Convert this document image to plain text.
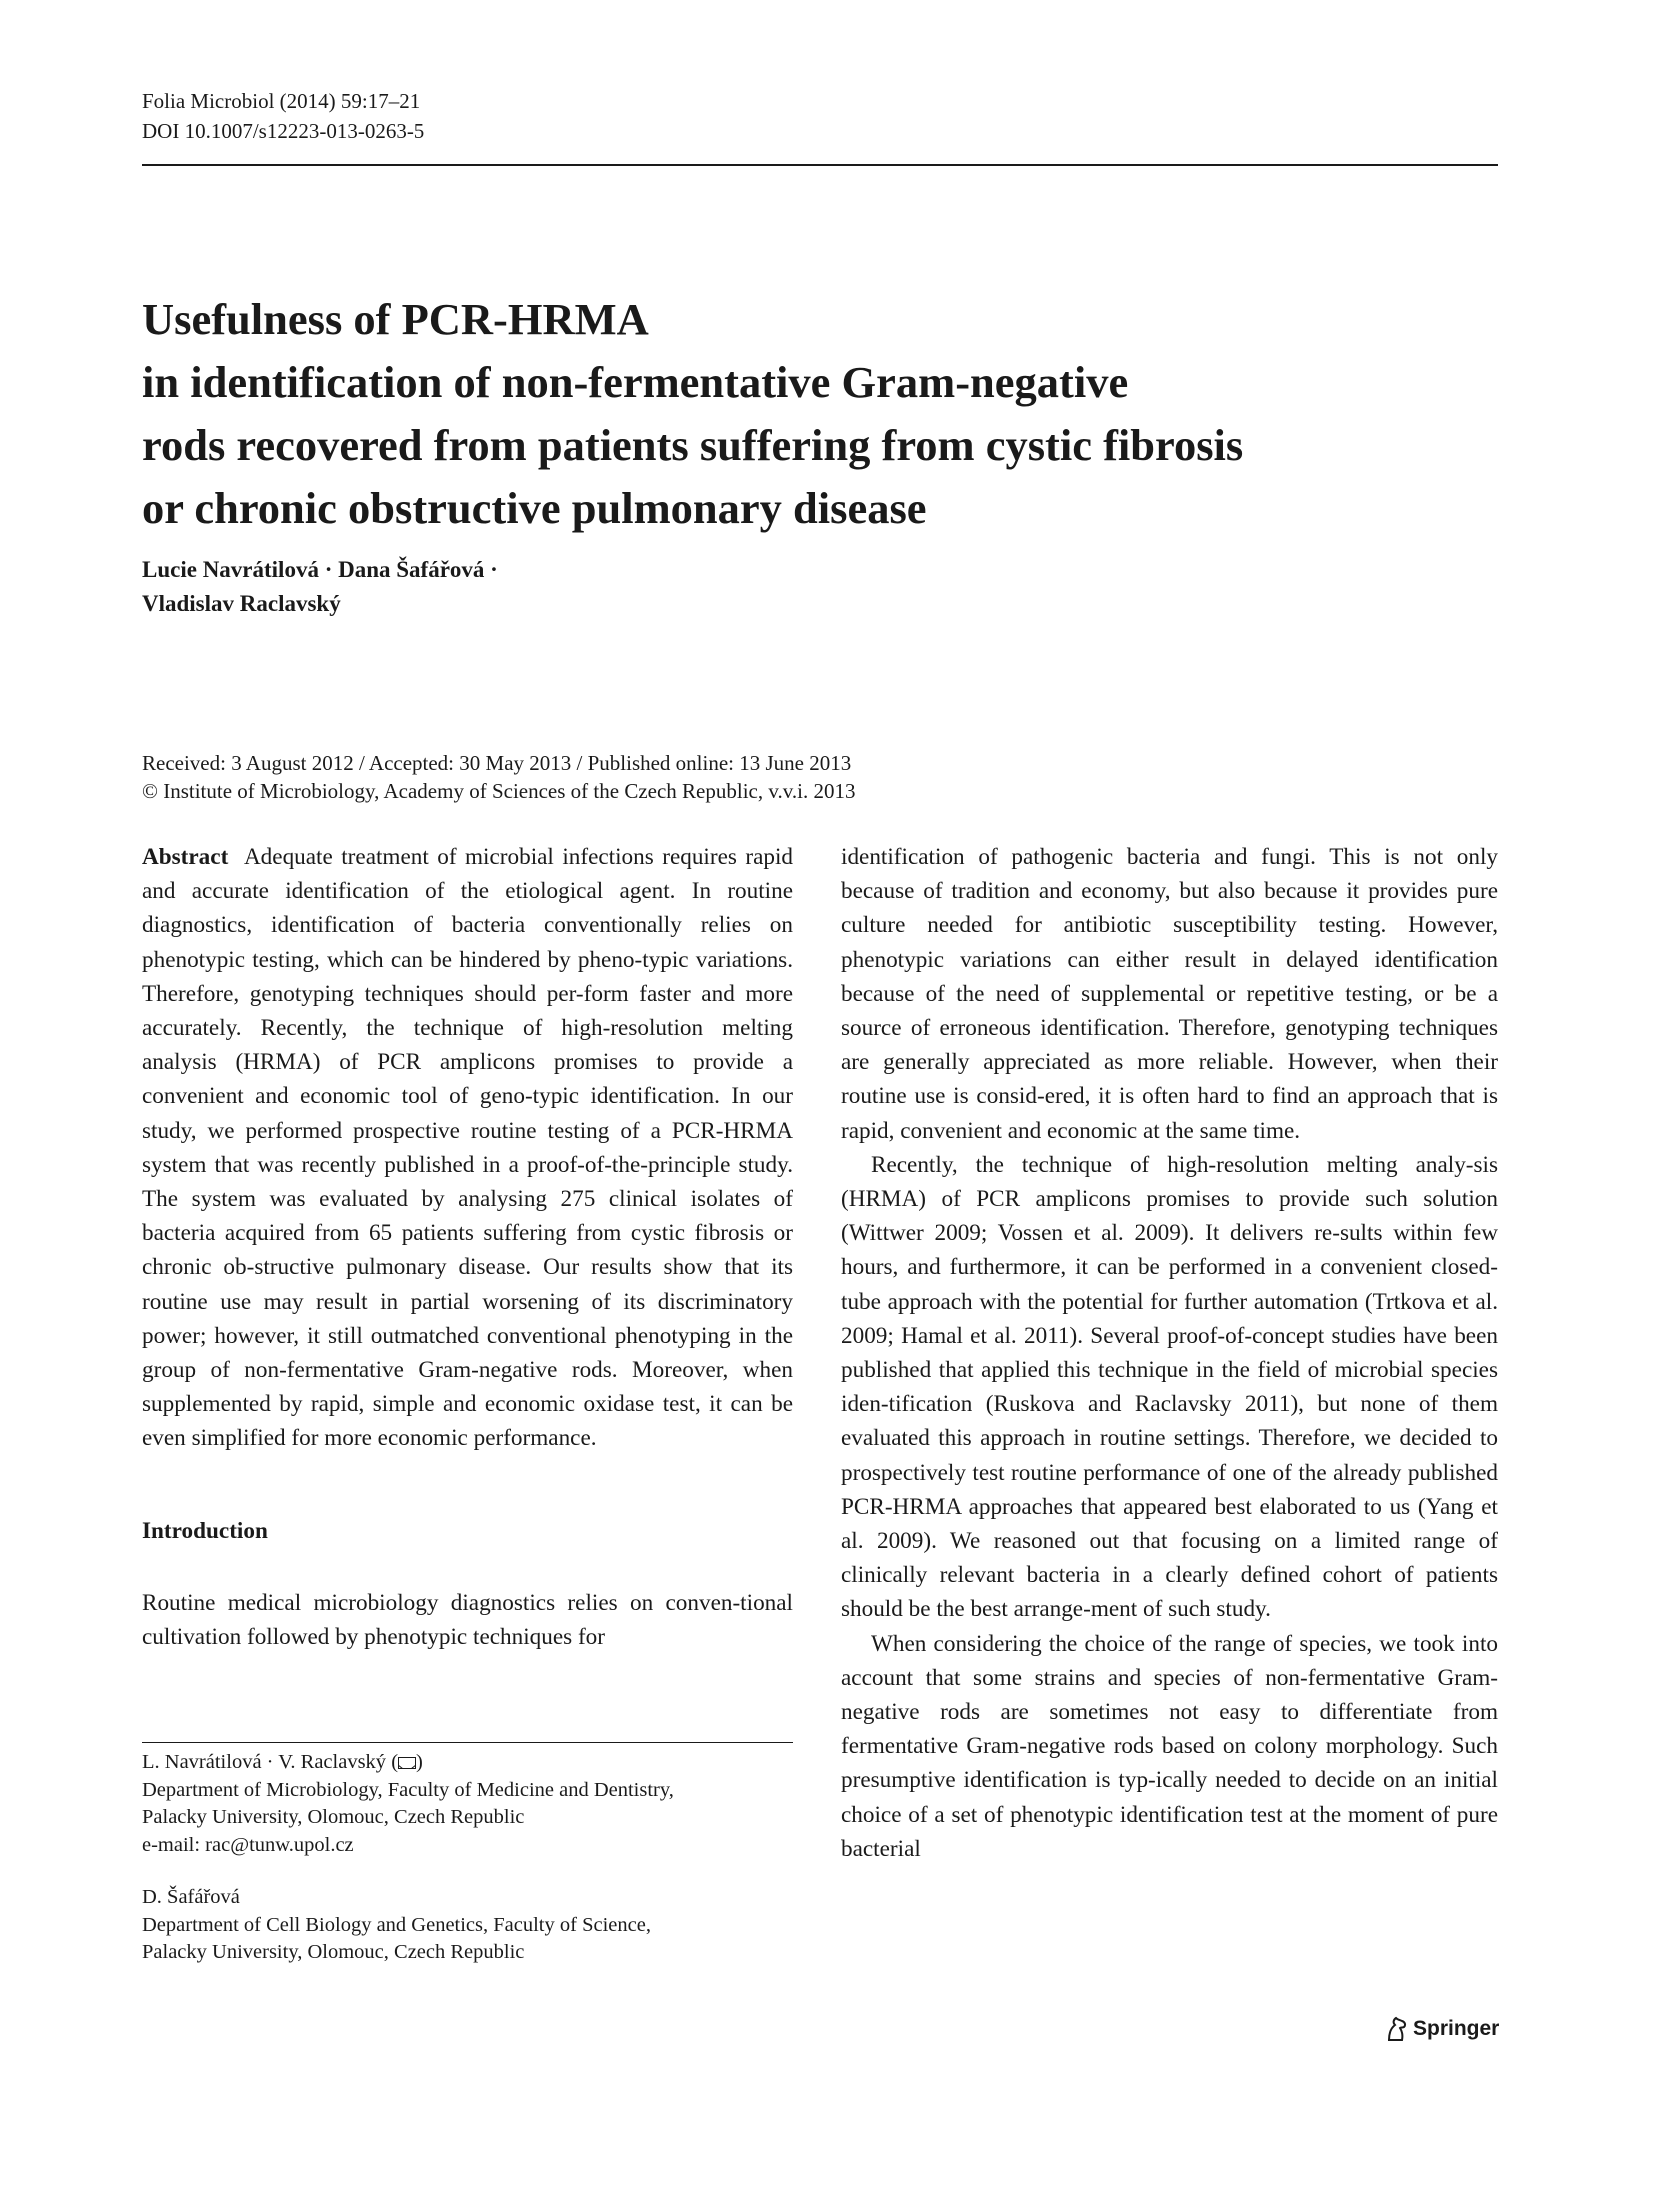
Folia Microbiol (2014) 59:17–21
DOI 10.1007/s12223-013-0263-5
Usefulness of PCR-HRMA
in identification of non-fermentative Gram-negative
rods recovered from patients suffering from cystic fibrosis
or chronic obstructive pulmonary disease
Lucie Navrátilová · Dana Šafářová ·
Vladislav Raclavský
Received: 3 August 2012 / Accepted: 30 May 2013 / Published online: 13 June 2013
© Institute of Microbiology, Academy of Sciences of the Czech Republic, v.v.i. 2013

Abstract Adequate treatment of microbial infections requires rapid and accurate identification of the etiological agent. In routine diagnostics, identification of bacteria conventionally relies on phenotypic testing, which can be hindered by pheno-typic variations. Therefore, genotyping techniques should per-form faster and more accurately. Recently, the technique of high-resolution melting analysis (HRMA) of PCR amplicons promises to provide a convenient and economic tool of geno-typic identification. In our study, we performed prospective routine testing of a PCR-HRMA system that was recently published in a proof-of-the-principle study. The system was evaluated by analysing 275 clinical isolates of bacteria acquired from 65 patients suffering from cystic fibrosis or chronic ob-structive pulmonary disease. Our results show that its routine use may result in partial worsening of its discriminatory power; however, it still outmatched conventional phenotyping in the group of non-fermentative Gram-negative rods. Moreover, when supplemented by rapid, simple and economic oxidase test, it can be even simplified for more economic performance.

Introduction

Routine medical microbiology diagnostics relies on conven-tional cultivation followed by phenotypic techniques for

L. Navrátilová · V. Raclavský ( )

Department of Microbiology, Faculty of Medicine and Dentistry,

Palacky University, Olomouc, Czech Republic

e-mail: rac@tunw.upol.cz

D. Šafářová

Department of Cell Biology and Genetics, Faculty of Science,

Palacky University, Olomouc, Czech Republic

identification of pathogenic bacteria and fungi. This is not only because of tradition and economy, but also because it provides pure culture needed for antibiotic susceptibility testing. However, phenotypic variations can either result in delayed identification because of the need of supplemental or repetitive testing, or be a source of erroneous identification. Therefore, genotyping techniques are generally appreciated as more reliable. However, when their routine use is consid-ered, it is often hard to find an approach that is rapid, convenient and economic at the same time.

Recently, the technique of high-resolution melting analy-sis (HRMA) of PCR amplicons promises to provide such solution (Wittwer 2009; Vossen et al. 2009). It delivers re-sults within few hours, and furthermore, it can be performed in a convenient closed-tube approach with the potential for further automation (Trtkova et al. 2009; Hamal et al. 2011). Several proof-of-concept studies have been published that applied this technique in the field of microbial species iden-tification (Ruskova and Raclavsky 2011), but none of them evaluated this approach in routine settings. Therefore, we decided to prospectively test routine performance of one of the already published PCR-HRMA approaches that appeared best elaborated to us (Yang et al. 2009). We reasoned out that focusing on a limited range of clinically relevant bacteria in a clearly defined cohort of patients should be the best arrange-ment of such study.

When considering the choice of the range of species, we took into account that some strains and species of non-fermentative Gram-negative rods are sometimes not easy to differentiate from fermentative Gram-negative rods based on colony morphology. Such presumptive identification is typ-ically needed to decide on an initial choice of a set of phenotypic identification test at the moment of pure bacterial

Springer
